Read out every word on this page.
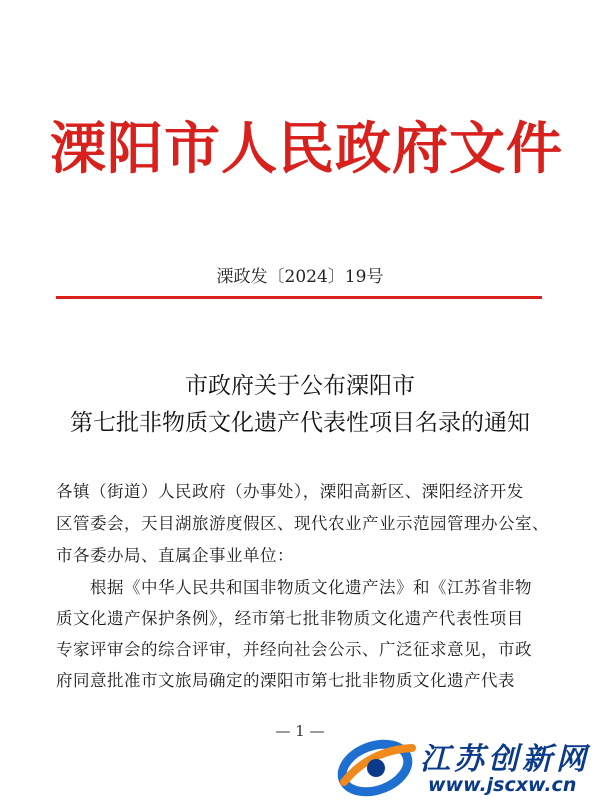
溧阳市人民政府文件
溧政发〔2024〕19号
市政府关于公布溧阳市
第七批非物质文化遗产代表性项目名录的通知
各镇（街道）人民政府（办事处），溧阳高新区、溧阳经济开发
区管委会，天目湖旅游度假区、现代农业产业示范园管理办公室、
市各委办局、直属企事业单位：
　　根据《中华人民共和国非物质文化遗产法》和《江苏省非物
质文化遗产保护条例》，经市第七批非物质文化遗产代表性项目
专家评审会的综合评审，并经向社会公示、广泛征求意见，市政
府同意批准市文旅局确定的溧阳市第七批非物质文化遗产代表
— 1 —
江苏创新网
www.jscxw.cn
